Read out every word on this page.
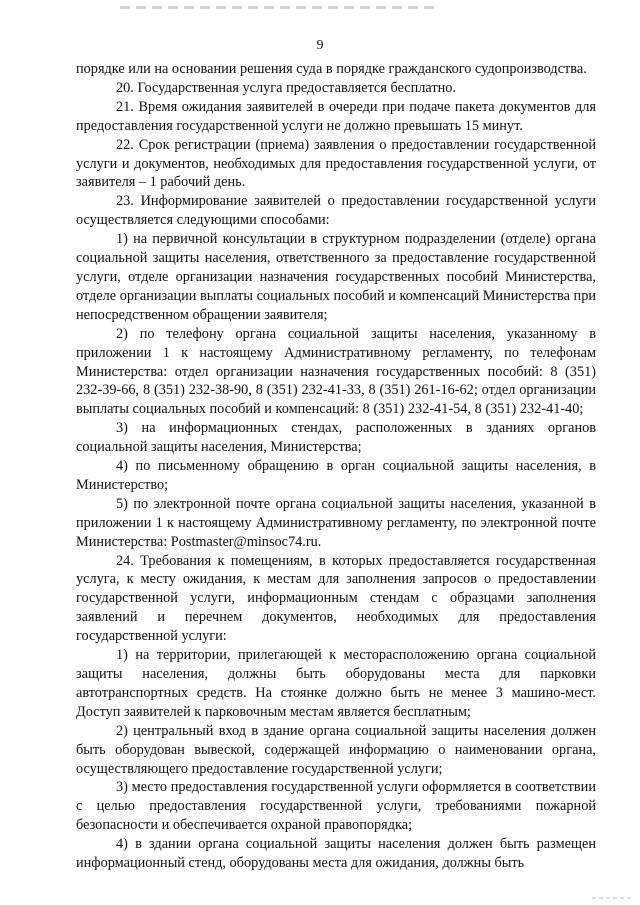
9

порядке или на основании решения суда в порядке гражданского судопроизводства.

20. Государственная услуга предоставляется бесплатно.

21. Время ожидания заявителей в очереди при подаче пакета документов для предоставления государственной услуги не должно превышать 15 минут.

22. Срок регистрации (приема) заявления о предоставлении государственной услуги и документов, необходимых для предоставления государственной услуги, от заявителя – 1 рабочий день.

23. Информирование заявителей о предоставлении государственной услуги осуществляется следующими способами:

1) на первичной консультации в структурном подразделении (отделе) органа социальной защиты населения, ответственного за предоставление государственной услуги, отделе организации назначения государственных пособий Министерства, отделе организации выплаты социальных пособий и компенсаций Министерства при непосредственном обращении заявителя;

2) по телефону органа социальной защиты населения, указанному в приложении 1 к настоящему Административному регламенту, по телефонам Министерства: отдел организации назначения государственных пособий: 8 (351) 232-39-66, 8 (351) 232-38-90, 8 (351) 232-41-33, 8 (351) 261-16-62; отдел организации выплаты социальных пособий и компенсаций: 8 (351) 232-41-54, 8 (351) 232-41-40;

3) на информационных стендах, расположенных в зданиях органов социальной защиты населения, Министерства;

4) по письменному обращению в орган социальной защиты населения, в Министерство;

5) по электронной почте органа социальной защиты населения, указанной в приложении 1 к настоящему Административному регламенту, по электронной почте Министерства: Postmaster@minsoc74.ru.

24. Требования к помещениям, в которых предоставляется государственная услуга, к месту ожидания, к местам для заполнения запросов о предоставлении государственной услуги, информационным стендам с образцами заполнения заявлений и перечнем документов, необходимых для предоставления государственной услуги:

1) на территории, прилегающей к месторасположению органа социальной защиты населения, должны быть оборудованы места для парковки автотранспортных средств. На стоянке должно быть не менее 3 машино-мест. Доступ заявителей к парковочным местам является бесплатным;

2) центральный вход в здание органа социальной защиты населения должен быть оборудован вывеской, содержащей информацию о наименовании органа, осуществляющего предоставление государственной услуги;

3) место предоставления государственной услуги оформляется в соответствии с целью предоставления государственной услуги, требованиями пожарной безопасности и обеспечивается охраной правопорядка;

4) в здании органа социальной защиты населения должен быть размещен информационный стенд, оборудованы места для ожидания, должны быть
